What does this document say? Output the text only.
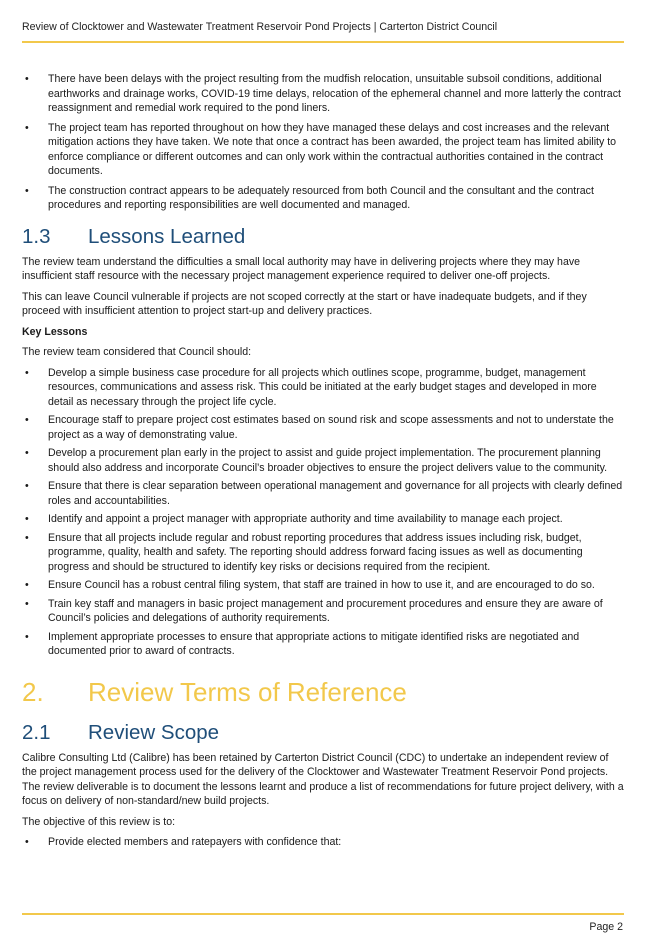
Review of Clocktower and Wastewater Treatment Reservoir Pond Projects | Carterton District Council
• There have been delays with the project resulting from the mudfish relocation, unsuitable subsoil conditions, additional earthworks and drainage works, COVID-19 time delays, relocation of the ephemeral channel and more latterly the contract reassignment and remedial work required to the pond liners.
• The project team has reported throughout on how they have managed these delays and cost increases and the relevant mitigation actions they have taken. We note that once a contract has been awarded, the project team has limited ability to enforce compliance or different outcomes and can only work within the contractual authorities contained in the contract documents.
• The construction contract appears to be adequately resourced from both Council and the consultant and the contract procedures and reporting responsibilities are well documented and managed.
1.3 Lessons Learned

The review team understand the difficulties a small local authority may have in delivering projects where they may have insufficient staff resource with the necessary project management experience required to deliver one-off projects.

This can leave Council vulnerable if projects are not scoped correctly at the start or have inadequate budgets, and if they proceed with insufficient attention to project start-up and delivery practices.

Key Lessons

The review team considered that Council should:

• Develop a simple business case procedure for all projects which outlines scope, programme, budget, management resources, communications and assess risk. This could be initiated at the early budget stages and developed in more detail as necessary through the project life cycle.
• Encourage staff to prepare project cost estimates based on sound risk and scope assessments and not to understate the project as a way of demonstrating value.
• Develop a procurement plan early in the project to assist and guide project implementation. The procurement planning should also address and incorporate Council’s broader objectives to ensure the project delivers value to the community.
• Ensure that there is clear separation between operational management and governance for all projects with clearly defined roles and accountabilities.
• Identify and appoint a project manager with appropriate authority and time availability to manage each project.
• Ensure that all projects include regular and robust reporting procedures that address issues including risk, budget, programme, quality, health and safety. The reporting should address forward facing issues as well as documenting progress and should be structured to identify key risks or decisions required from the recipient.
• Ensure Council has a robust central filing system, that staff are trained in how to use it, and are encouraged to do so.
• Train key staff and managers in basic project management and procurement procedures and ensure they are aware of Council’s policies and delegations of authority requirements.
• Implement appropriate processes to ensure that appropriate actions to mitigate identified risks are negotiated and documented prior to award of contracts.
2. Review Terms of Reference
2.1 Review Scope

Calibre Consulting Ltd (Calibre) has been retained by Carterton District Council (CDC) to undertake an independent review of the project management process used for the delivery of the Clocktower and Wastewater Treatment Reservoir Pond projects. The review deliverable is to document the lessons learnt and produce a list of recommendations for future project delivery, with a focus on delivery of non-standard/new build projects.

The objective of this review is to:

• Provide elected members and ratepayers with confidence that:
Page 2
